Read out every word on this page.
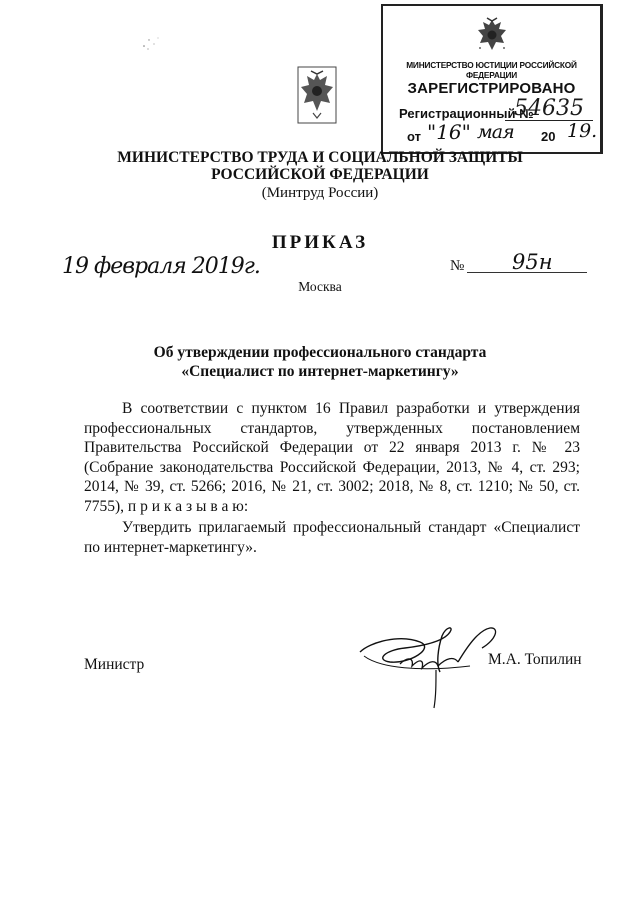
МИНИСТЕРСТВО ЮСТИЦИИ РОССИЙСКОЙ ФЕДЕРАЦИИ
ЗАРЕГИСТРИРОВАНО
Регистрационный №
54635
от "16" мая 20 19.
МИНИСТЕРСТВО ТРУДА И СОЦИАЛЬНОЙ ЗАЩИТЫ
РОССИЙСКОЙ ФЕДЕРАЦИИ
(Минтруд России)
ПРИКАЗ
19 февраля 2019г.	№ 95н
Москва
Об утверждении профессионального стандарта
«Специалист по интернет-маркетингу»

В соответствии с пунктом 16 Правил разработки и утверждения профессиональных стандартов, утвержденных постановлением Правительства Российской Федерации от 22 января 2013 г. № 23 (Собрание законодательства Российской Федерации, 2013, № 4, ст. 293; 2014, № 39, ст. 5266; 2016, № 21, ст. 3002; 2018, № 8, ст. 1210; № 50, ст. 7755), п р и к а з ы в а ю:

Утвердить прилагаемый профессиональный стандарт «Специалист по интернет-маркетингу».

Министр	М.А. Топилин
